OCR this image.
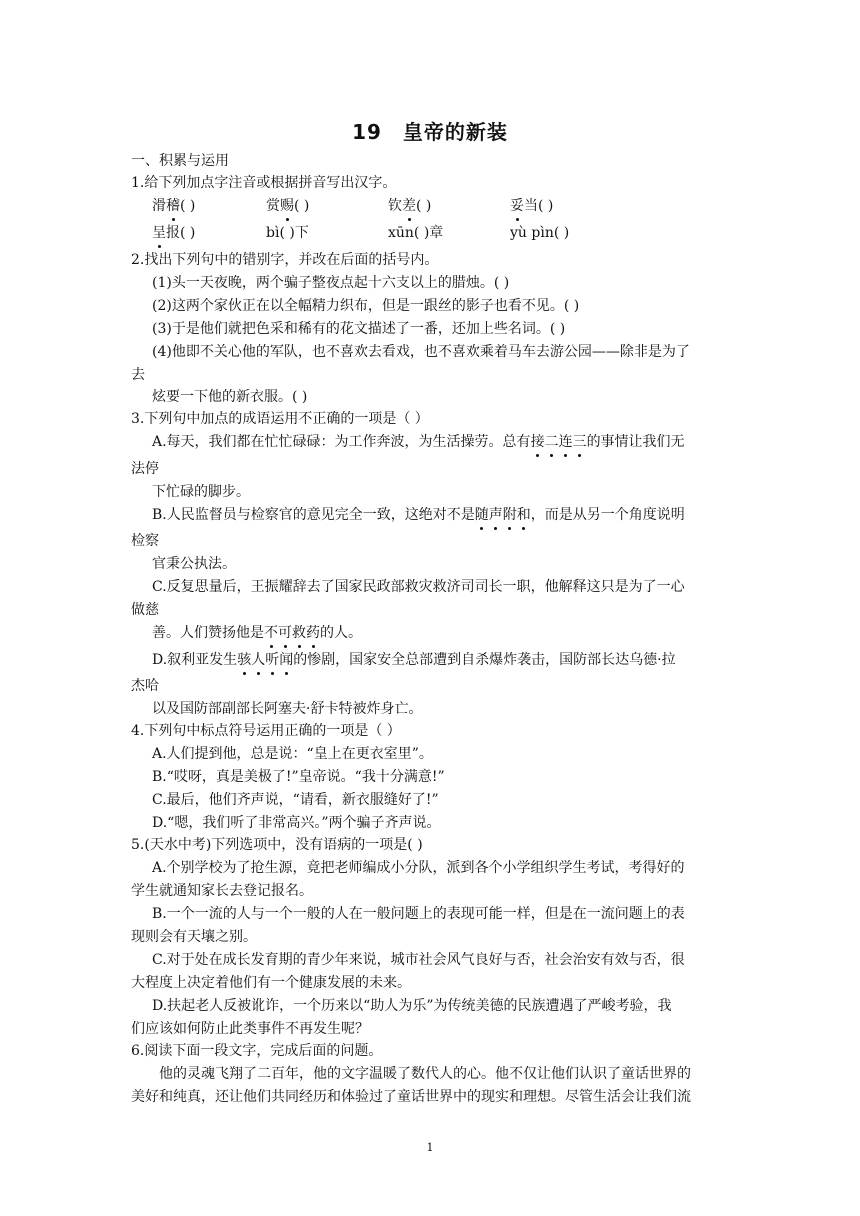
19　皇帝的新装
一、积累与运用
1.给下列加点字注音或根据拼音写出汉字。
滑稽( )	赏赐( )	钦差( )	妥当( )
呈报( )	bì( )下	xūn( )章	yù pìn( )
2.找出下列句中的错别字，并改在后面的括号内。
(1)头一天夜晚，两个骗子整夜点起十六支以上的腊烛。( )
(2)这两个家伙正在以全幅精力织布，但是一跟丝的影子也看不见。( )
(3)于是他们就把色采和稀有的花文描述了一番，还加上些名词。( )
(4)他即不关心他的军队，也不喜欢去看戏，也不喜欢乘着马车去游公园——除非是为了
去
炫要一下他的新衣服。( )
3.下列句中加点的成语运用不正确的一项是（ ）
A.每天，我们都在忙忙碌碌：为工作奔波，为生活操劳。总有接二连三的事情让我们无
法停
下忙碌的脚步。
B.人民监督员与检察官的意见完全一致，这绝对不是随声附和，而是从另一个角度说明
检察
官秉公执法。
C.反复思量后，王振耀辞去了国家民政部救灾救济司司长一职，他解释这只是为了一心
做慈
善。人们赞扬他是不可救药的人。
D.叙利亚发生骇人听闻的惨剧，国家安全总部遭到自杀爆炸袭击，国防部长达乌德·拉
杰哈
以及国防部副部长阿塞夫·舒卡特被炸身亡。
4.下列句中标点符号运用正确的一项是（ ）
A.人们提到他，总是说：“皇上在更衣室里”。
B.“哎呀，真是美极了!”皇帝说。“我十分满意!”
C.最后，他们齐声说，“请看，新衣服缝好了!”
D.“嗯，我们听了非常高兴。”两个骗子齐声说。
5.(天水中考)下列选项中，没有语病的一项是( )
A.个别学校为了抢生源，竟把老师编成小分队，派到各个小学组织学生考试，考得好的
学生就通知家长去登记报名。
B.一个一流的人与一个一般的人在一般问题上的表现可能一样，但是在一流问题上的表
现则会有天壤之别。
C.对于处在成长发育期的青少年来说，城市社会风气良好与否，社会治安有效与否，很
大程度上决定着他们有一个健康发展的未来。
D.扶起老人反被讹诈，一个历来以“助人为乐”为传统美德的民族遭遇了严峻考验，我
们应该如何防止此类事件不再发生呢？
6.阅读下面一段文字，完成后面的问题。
他的灵魂飞翔了二百年，他的文字温暖了数代人的心。他不仅让他们认识了童话世界的
美好和纯真，还让他们共同经历和体验过了童话世界中的现实和理想。尽管生活会让我们流
1
